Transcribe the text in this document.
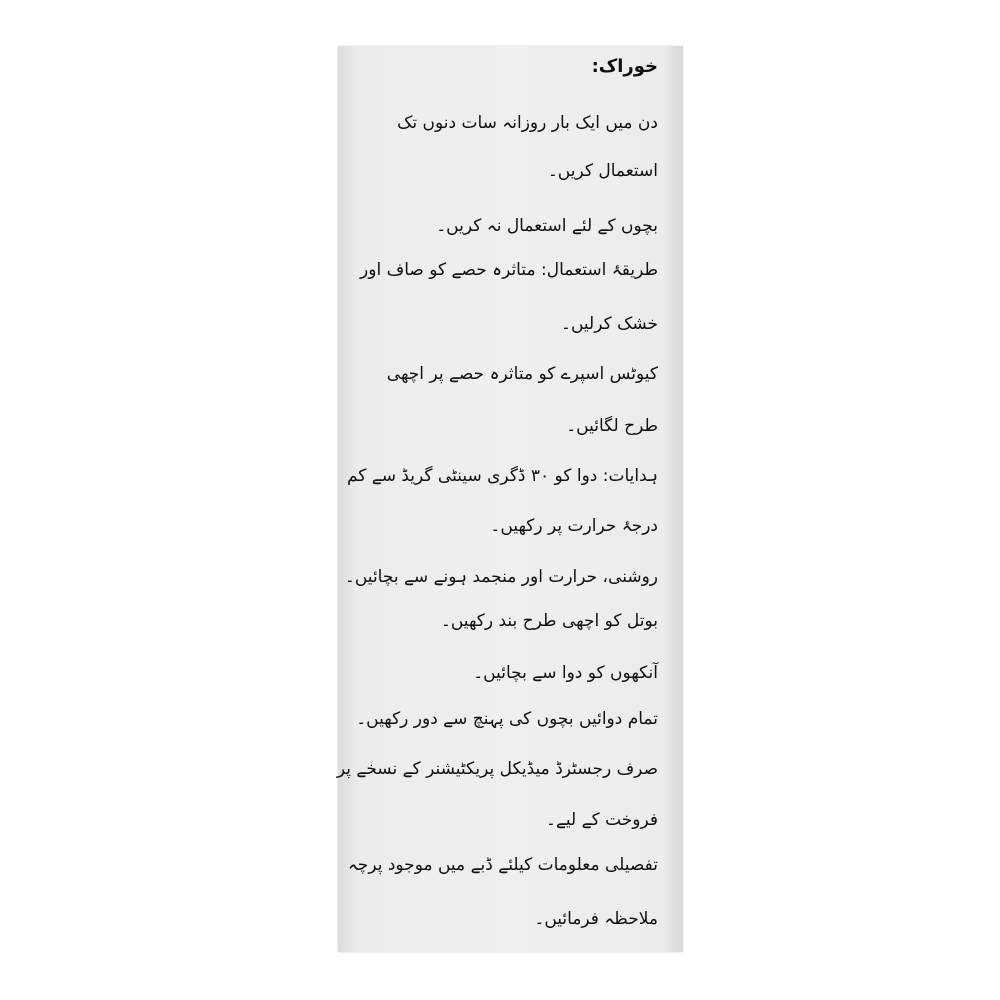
خوراک:
دن میں ایک بار روزانہ سات دنوں تک
استعمال کریں۔
بچوں کے لئے استعمال نہ کریں۔
طریقۂ استعمال: متاثرہ حصے کو صاف اور
خشک کرلیں۔
کیوٹس اسپرے کو متاثرہ حصے پر اچھی
طرح لگائیں۔
ہدایات: دوا کو ۳۰ ڈگری سینٹی گریڈ سے کم
درجۂ حرارت پر رکھیں۔
روشنی، حرارت اور منجمد ہونے سے بچائیں۔
بوتل کو اچھی طرح بند رکھیں۔
آنکھوں کو دوا سے بچائیں۔
تمام دوائیں بچوں کی پہنچ سے دور رکھیں۔
صرف رجسٹرڈ میڈیکل پریکٹیشنر کے نسخے پر
فروخت کے لیے۔
تفصیلی معلومات کیلئے ڈبے میں موجود پرچہ
ملاحظہ فرمائیں۔
